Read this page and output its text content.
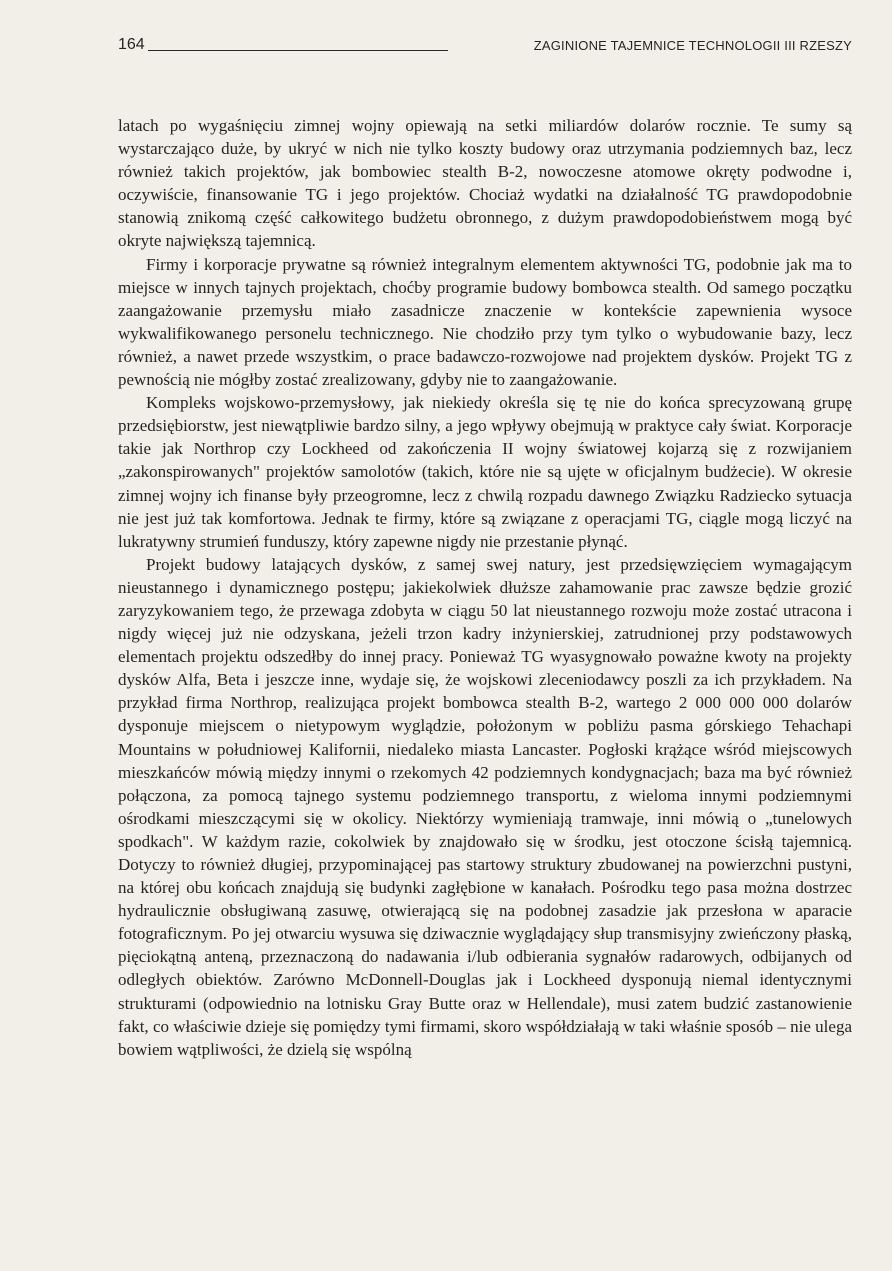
164	ZAGINIONE TAJEMNICE TECHNOLOGII III RZESZY

latach po wygaśnięciu zimnej wojny opiewają na setki miliardów dolarów rocznie. Te sumy są wystarczająco duże, by ukryć w nich nie tylko koszty budowy oraz utrzymania podziemnych baz, lecz również takich projektów, jak bombowiec stealth B-2, nowoczesne atomowe okręty podwodne i, oczywiście, finansowanie TG i jego projektów. Chociaż wydatki na działalność TG prawdopodobnie stanowią znikomą część całkowitego budżetu obronnego, z dużym prawdopodobieństwem mogą być okryte największą tajemnicą.

Firmy i korporacje prywatne są również integralnym elementem aktywności TG, podobnie jak ma to miejsce w innych tajnych projektach, choćby programie budowy bombowca stealth. Od samego początku zaangażowanie przemysłu miało zasadnicze znaczenie w kontekście zapewnienia wysoce wykwalifikowanego personelu technicznego. Nie chodziło przy tym tylko o wybudowanie bazy, lecz również, a nawet przede wszystkim, o prace badawczo-rozwojowe nad projektem dysków. Projekt TG z pewnością nie mógłby zostać zrealizowany, gdyby nie to zaangażowanie.

Kompleks wojskowo-przemysłowy, jak niekiedy określa się tę nie do końca sprecyzowaną grupę przedsiębiorstw, jest niewątpliwie bardzo silny, a jego wpływy obejmują w praktyce cały świat. Korporacje takie jak Northrop czy Lockheed od zakończenia II wojny światowej kojarzą się z rozwijaniem „zakonspirowanych" projektów samolotów (takich, które nie są ujęte w oficjalnym budżecie). W okresie zimnej wojny ich finanse były przeogromne, lecz z chwilą rozpadu dawnego Związku Radziecko sytuacja nie jest już tak komfortowa. Jednak te firmy, które są związane z operacjami TG, ciągle mogą liczyć na lukratywny strumień funduszy, który zapewne nigdy nie przestanie płynąć.

Projekt budowy latających dysków, z samej swej natury, jest przedsięwzięciem wymagającym nieustannego i dynamicznego postępu; jakiekolwiek dłuższe zahamowanie prac zawsze będzie grozić zaryzykowaniem tego, że przewaga zdobyta w ciągu 50 lat nieustannego rozwoju może zostać utracona i nigdy więcej już nie odzyskana, jeżeli trzon kadry inżynierskiej, zatrudnionej przy podstawowych elementach projektu odszedłby do innej pracy. Ponieważ TG wyasygnowało poważne kwoty na projekty dysków Alfa, Beta i jeszcze inne, wydaje się, że wojskowi zleceniodawcy poszli za ich przykładem. Na przykład firma Northrop, realizująca projekt bombowca stealth B-2, wartego 2 000 000 000 dolarów dysponuje miejscem o nietypowym wyglądzie, położonym w pobliżu pasma górskiego Tehachapi Mountains w południowej Kalifornii, niedaleko miasta Lancaster. Pogłoski krążące wśród miejscowych mieszkańców mówią między innymi o rzekomych 42 podziemnych kondygnacjach; baza ma być również połączona, za pomocą tajnego systemu podziemnego transportu, z wieloma innymi podziemnymi ośrodkami mieszczącymi się w okolicy. Niektórzy wymieniają tramwaje, inni mówią o „tunelowych spodkach". W każdym razie, cokolwiek by znajdowało się w środku, jest otoczone ścisłą tajemnicą. Dotyczy to również długiej, przypominającej pas startowy struktury zbudowanej na powierzchni pustyni, na której obu końcach znajdują się budynki zagłębione w kanałach. Pośrodku tego pasa można dostrzec hydraulicznie obsługiwaną zasuwę, otwierającą się na podobnej zasadzie jak przesłona w aparacie fotograficznym. Po jej otwarciu wysuwa się dziwacznie wyglądający słup transmisyjny zwieńczony płaską, pięciokątną anteną, przeznaczoną do nadawania i/lub odbierania sygnałów radarowych, odbijanych od odległych obiektów. Zarówno McDonnell-Douglas jak i Lockheed dysponują niemal identycznymi strukturami (odpowiednio na lotnisku Gray Butte oraz w Hellendale), musi zatem budzić zastanowienie fakt, co właściwie dzieje się pomiędzy tymi firmami, skoro współdziałają w taki właśnie sposób – nie ulega bowiem wątpliwości, że dzielą się wspólną
